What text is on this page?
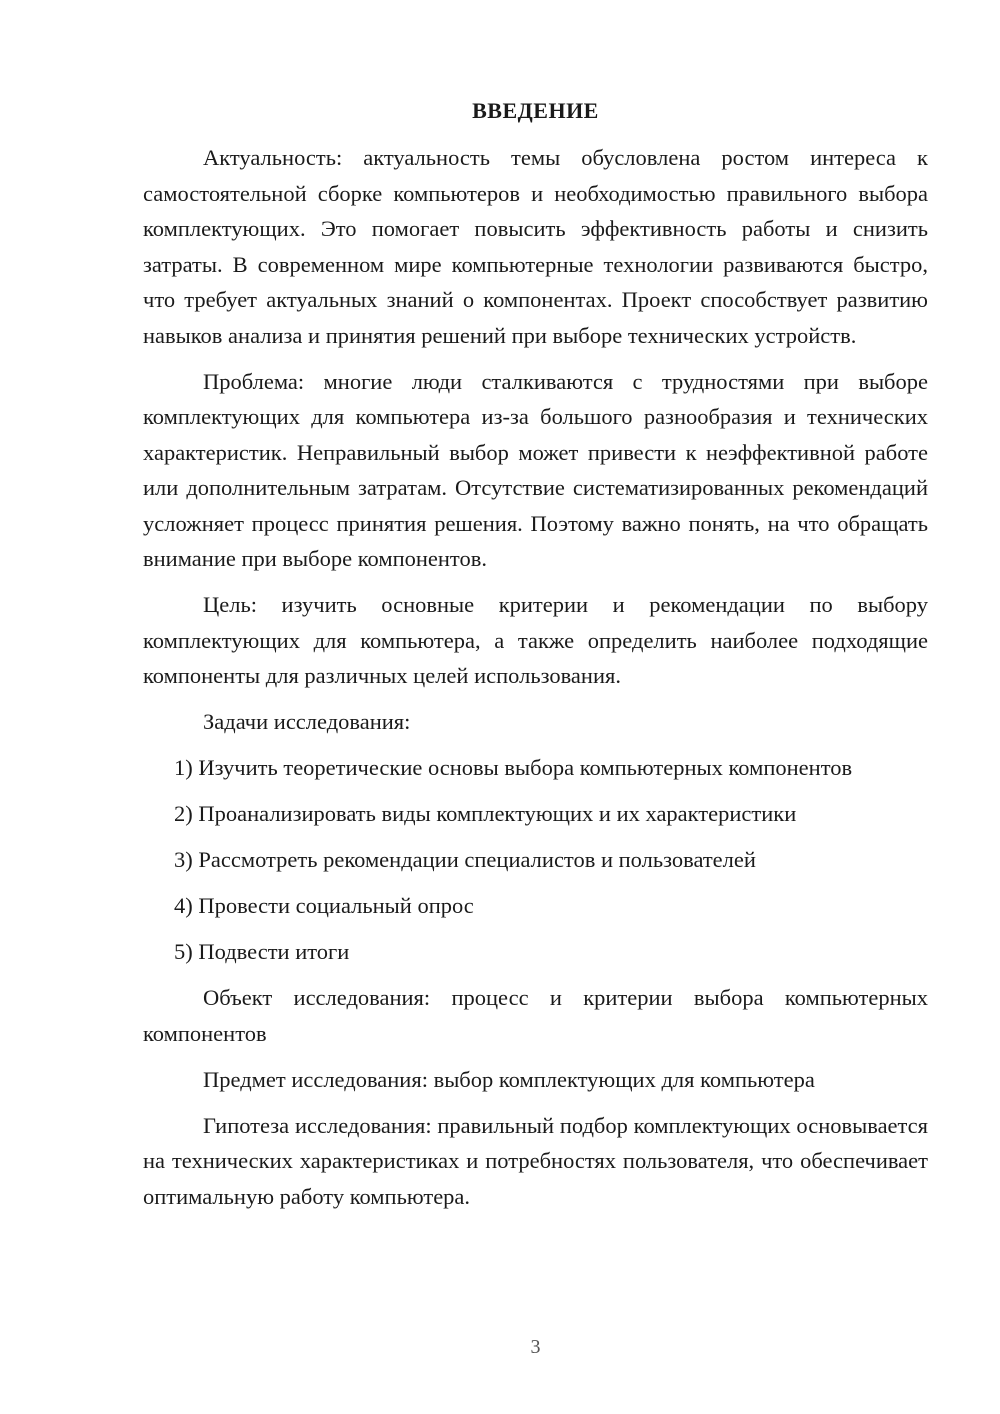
ВВЕДЕНИЕ

Актуальность: актуальность темы обусловлена ростом интереса к самостоятельной сборке компьютеров и необходимостью правильного выбора комплектующих. Это помогает повысить эффективность работы и снизить затраты. В современном мире компьютерные технологии развиваются быстро, что требует актуальных знаний о компонентах. Проект способствует развитию навыков анализа и принятия решений при выборе технических устройств.

Проблема: многие люди сталкиваются с трудностями при выборе комплектующих для компьютера из-за большого разнообразия и технических характеристик. Неправильный выбор может привести к неэффективной работе или дополнительным затратам. Отсутствие систематизированных рекомендаций усложняет процесс принятия решения. Поэтому важно понять, на что обращать внимание при выборе компонентов.

Цель: изучить основные критерии и рекомендации по выбору комплектующих для компьютера, а также определить наиболее подходящие компоненты для различных целей использования.

Задачи исследования:

1) Изучить теоретические основы выбора компьютерных компонентов
2) Проанализировать виды комплектующих и их характеристики
3) Рассмотреть рекомендации специалистов и пользователей
4) Провести социальный опрос
5) Подвести итоги

Объект исследования: процесс и критерии выбора компьютерных компонентов

Предмет исследования: выбор комплектующих для компьютера

Гипотеза исследования: правильный подбор комплектующих основывается на технических характеристиках и потребностях пользователя, что обеспечивает оптимальную работу компьютера.

3
